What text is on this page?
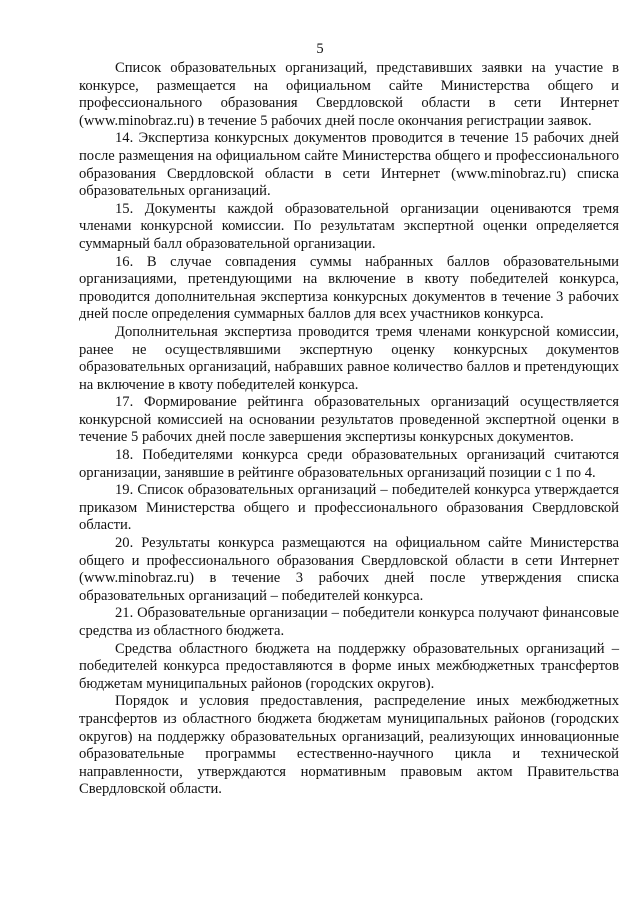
5

Список образовательных организаций, представивших заявки на участие в конкурсе, размещается на официальном сайте Министерства общего и профессионального образования Свердловской области в сети Интернет (www.minobraz.ru) в течение 5 рабочих дней после окончания регистрации заявок.

14. Экспертиза конкурсных документов проводится в течение 15 рабочих дней после размещения на официальном сайте Министерства общего и профессионального образования Свердловской области в сети Интернет (www.minobraz.ru) списка образовательных организаций.

15. Документы каждой образовательной организации оцениваются тремя членами конкурсной комиссии. По результатам экспертной оценки определяется суммарный балл образовательной организации.

16. В случае совпадения суммы набранных баллов образовательными организациями, претендующими на включение в квоту победителей конкурса, проводится дополнительная экспертиза конкурсных документов в течение 3 рабочих дней после определения суммарных баллов для всех участников конкурса.

Дополнительная экспертиза проводится тремя членами конкурсной комиссии, ранее не осуществлявшими экспертную оценку конкурсных документов образовательных организаций, набравших равное количество баллов и претендующих на включение в квоту победителей конкурса.

17. Формирование рейтинга образовательных организаций осуществляется конкурсной комиссией на основании результатов проведенной экспертной оценки в течение 5 рабочих дней после завершения экспертизы конкурсных документов.

18. Победителями конкурса среди образовательных организаций считаются организации, занявшие в рейтинге образовательных организаций позиции с 1 по 4.

19. Список образовательных организаций – победителей конкурса утверждается приказом Министерства общего и профессионального образования Свердловской области.

20. Результаты конкурса размещаются на официальном сайте Министерства общего и профессионального образования Свердловской области в сети Интернет (www.minobraz.ru) в течение 3 рабочих дней после утверждения списка образовательных организаций – победителей конкурса.

21. Образовательные организации – победители конкурса получают финансовые средства из областного бюджета.

Средства областного бюджета на поддержку образовательных организаций – победителей конкурса предоставляются в форме иных межбюджетных трансфертов бюджетам муниципальных районов (городских округов).

Порядок и условия предоставления, распределение иных межбюджетных трансфертов из областного бюджета бюджетам муниципальных районов (городских округов) на поддержку образовательных организаций, реализующих инновационные образовательные программы естественно-научного цикла и технической направленности, утверждаются нормативным правовым актом Правительства Свердловской области.
